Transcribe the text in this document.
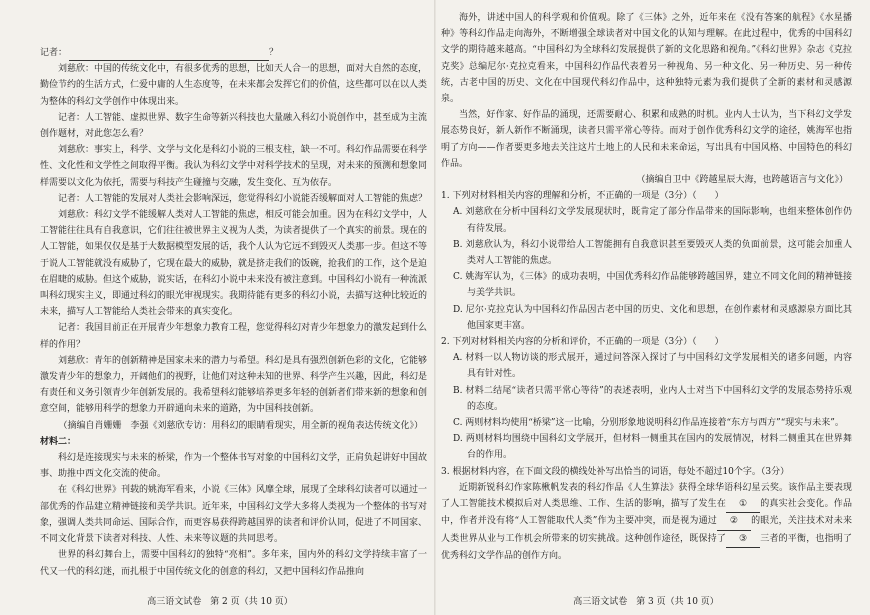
记者：	？

刘慈欣：中国的传统文化中，有很多优秀的思想，比如天人合一的思想，面对大自然的态度，勤俭节约的生活方式，仁爱中庸的人生态度等，在未来都会发挥它们的价值，这些都可以在以人类为整体的科幻文学创作中体现出来。

记者：人工智能、虚拟世界、数字生命等新兴科技也大量融入科幻小说创作中，甚至成为主流创作题材，对此您怎么看？

刘慈欣：事实上，科学、文学与文化是科幻小说的三根支柱，缺一不可。科幻作品需要在科学性、文化性和文学性之间取得平衡。我认为科幻文学中对科学技术的呈现，对未来的预测和想象同样需要以文化为依托，需要与科技产生碰撞与交融，发生变化、互为依存。

记者：人工智能的发展对人类社会影响深远，您觉得科幻小说能否缓解面对人工智能的焦虑？

刘慈欣：科幻文学不能缓解人类对人工智能的焦虑，相反可能会加重。因为在科幻文学中，人工智能往往具有自我意识，它们往往被世界主义视为人类，为读者提供了一个真实的前景。现在的人工智能，如果仅仅是基于大数据模型发展的话，我个人认为它远不到毁灭人类那一步。但这不等于说人工智能就没有威胁了，它现在最大的威胁，就是挤走我们的饭碗，抢我们的工作，这个是迫在眉睫的威胁。但这个威胁，说实话，在科幻小说中未来没有被注意到。中国科幻小说有一种流派叫科幻现实主义，即通过科幻的眼光审视现实。我期待能有更多的科幻小说，去描写这种比较近的未来，描写人工智能给人类社会带来的真实变化。

记者：我国目前正在开展青少年想象力教育工程，您觉得科幻对青少年想象力的激发起到什么样的作用？

刘慈欣：青年的创新精神是国家未来的潜力与希望。科幻是具有强烈创新色彩的文化，它能够激发青少年的想象力，开阔他们的视野，让他们对这种未知的世界、科学产生兴趣，因此，科幻是有责任和义务引领青少年创新发展的。我希望科幻能够培养更多年轻的创新者们带来新的想象和创意空间，能够用科学的想象力开辟通向未来的道路，为中国科技创新。

（摘编自肖姗姗　李强《刘慈欣专访：用科幻的眼睛看现实，用全新的视角表达传统文化》）

材料二：

科幻是连接现实与未来的桥梁，作为一个整体书写对象的中国科幻文学，正肩负起讲好中国故事、助推中西文化交流的使命。

在《科幻世界》刊载的姚海军看来，小说《三体》风靡全球，展现了全球科幻读者可以通过一部优秀的作品建立精神链接和美学共识。近年来，中国科幻文学大多将人类视为一个整体的书写对象，强调人类共同命运、国际合作，而更容易获得跨越国界的读者和评价认同，促进了不同国家、不同文化背景下读者对科技、人性、未来等议题的共同思考。

世界的科幻舞台上，需要中国科幻的独特“亮相”。多年来，国内外的科幻文学持续丰富了一代又一代的科幻迷，而扎根于中国传统文化的创意的科幻，又把中国科幻作品推向

高三语文试卷　第 2 页（共 10 页）

海外，讲述中国人的科学观和价值观。除了《三体》之外，近年来在《没有答案的航程》《水星播种》等科幻作品走向海外，不断增强全球读者对中国文化的认知与理解。在此过程中，优秀的中国科幻文学的期待越来越高。“中国科幻为全球科幻发展提供了新的文化思路和视角。”《科幻世界》杂志《克拉克奖》总编尼尔·克拉克看来，中国科幻作品代表着另一种视角、另一种文化、另一种历史、另一种传统，古老中国的历史、文化在中国现代科幻作品中，这种独特元素为我们提供了全新的素材和灵感源泉。

当然，好作家、好作品的涌现，还需要耐心、积累和成熟的时机。业内人士认为，当下科幻文学发展态势良好，新人新作不断涌现，读者只需平常心等待。而对于创作优秀科幻文学的途径，姚海军也指明了方向——作者要更多地去关注这片土地上的人民和未来命运，写出具有中国风格、中国特色的科幻作品。

（摘编自卫中《跨越星辰大海，也跨越语言与文化》）

1. 下列对材料相关内容的理解和分析，不正确的一项是（3分）（　　）

A. 刘慈欣在分析中国科幻文学发展现状时，既肯定了部分作品带来的国际影响，也组来整体创作仍有待发展。

B. 刘慈欣认为，科幻小说带给人工智能拥有自我意识甚至要毁灭人类的负面前景，这可能会加重人类对人工智能的焦虑。

C. 姚海军认为，《三体》的成功表明，中国优秀科幻作品能够跨越国界，建立不同文化间的精神链接与美学共识。

D. 尼尔·克拉克认为中国科幻作品因古老中国的历史、文化和思想，在创作素材和灵感源泉方面比其他国家更丰富。

2. 下列对材料相关内容的分析和评价，不正确的一项是（3分）（　　）

A. 材料一以人物访谈的形式展开，通过问答深入探讨了与中国科幻文学发展相关的诸多问题，内容具有针对性。

B. 材料二结尾“读者只需平常心等待”的表述表明，业内人士对当下中国科幻文学的发展态势持乐观的态度。

C. 两则材料均使用“桥梁”这一比喻，分别形象地说明科幻作品连接着“东方与西方”“现实与未来”。

D. 两则材料均围绕中国科幻文学展开，但材料一侧重其在国内的发展情况，材料二侧重其在世界舞台的作用。

3. 根据材料内容，在下面文段的横线处补写出恰当的词语，每处不超过10个字。（3分）

近期新锐科幻作家陈楸帆发表的科幻作品《人生算法》获得全球华语科幻星云奖。该作品主要表现了人工智能技术模拟后对人类思维、工作、生活的影响，描写了发生在 ① 的真实社会变化。作品中，作者并没有将“人工智能取代人类”作为主要冲突，而是视为通过 ② 的眼光，关注技术对未来人类世界从业与工作机会所带来的切实挑战。这种创作途径，既保持了 ③ 三者的平衡，也指明了优秀科幻文学作品的创作方向。

高三语文试卷　第 3 页（共 10 页）
